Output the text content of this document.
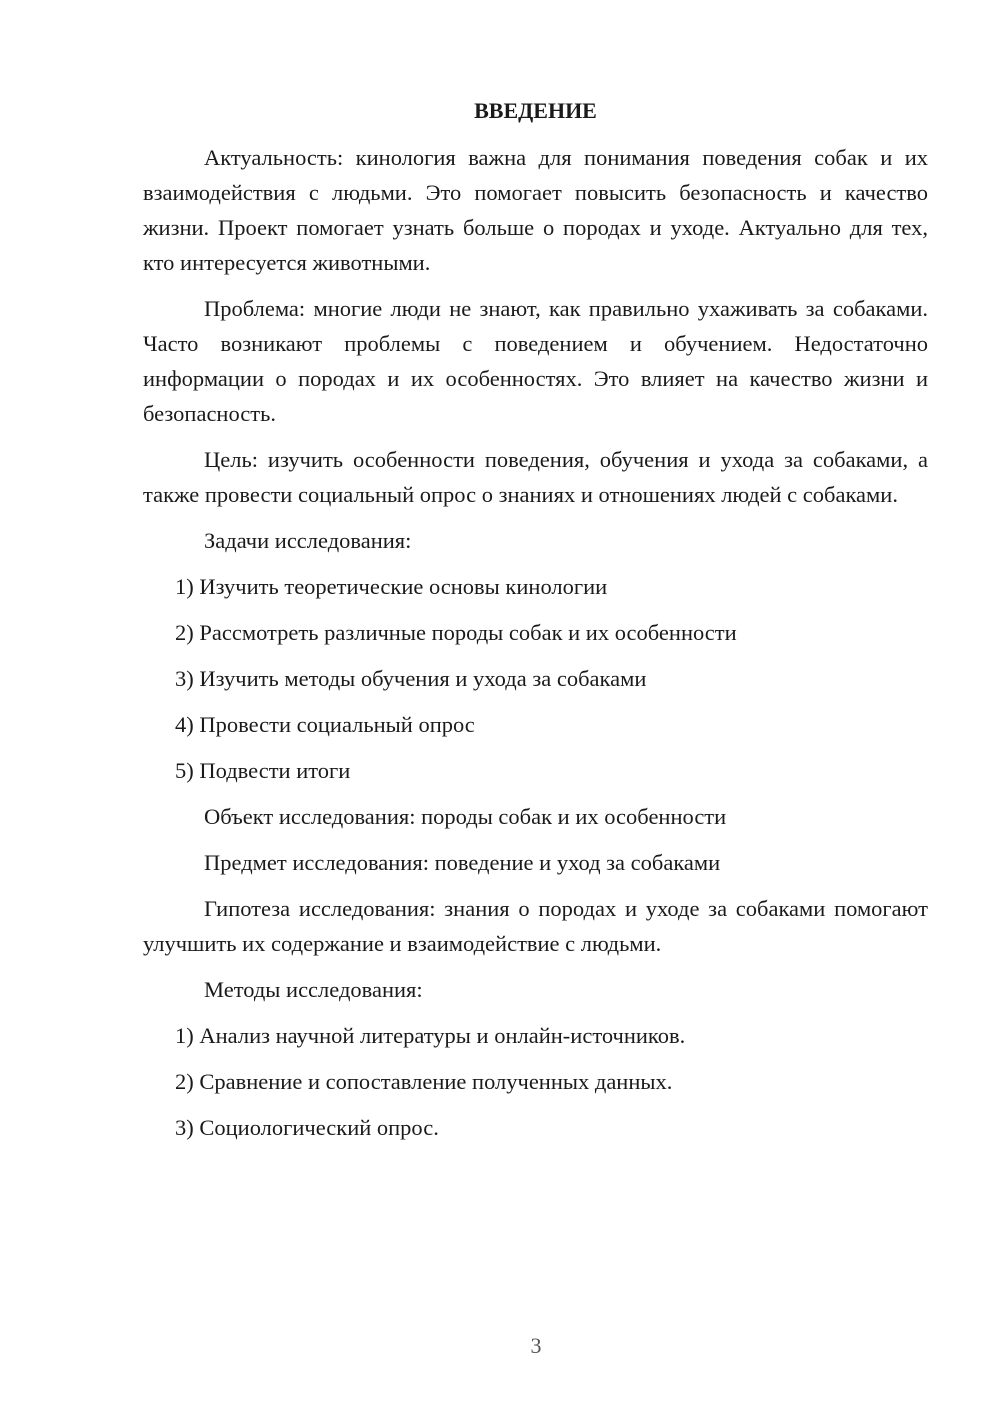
ВВЕДЕНИЕ
Актуальность: кинология важна для понимания поведения собак и их взаимодействия с людьми. Это помогает повысить безопасность и качество жизни. Проект помогает узнать больше о породах и уходе. Актуально для тех, кто интересуется животными.
Проблема: многие люди не знают, как правильно ухаживать за собаками. Часто возникают проблемы с поведением и обучением. Недостаточно информации о породах и их особенностях. Это влияет на качество жизни и безопасность.
Цель: изучить особенности поведения, обучения и ухода за собаками, а также провести социальный опрос о знаниях и отношениях людей с собаками.
Задачи исследования:
1) Изучить теоретические основы кинологии
2) Рассмотреть различные породы собак и их особенности
3) Изучить методы обучения и ухода за собаками
4) Провести социальный опрос
5) Подвести итоги
Объект исследования: породы собак и их особенности
Предмет исследования: поведение и уход за собаками
Гипотеза исследования: знания о породах и уходе за собаками помогают улучшить их содержание и взаимодействие с людьми.
Методы исследования:
1) Анализ научной литературы и онлайн-источников.
2) Сравнение и сопоставление полученных данных.
3) Социологический опрос.
3
